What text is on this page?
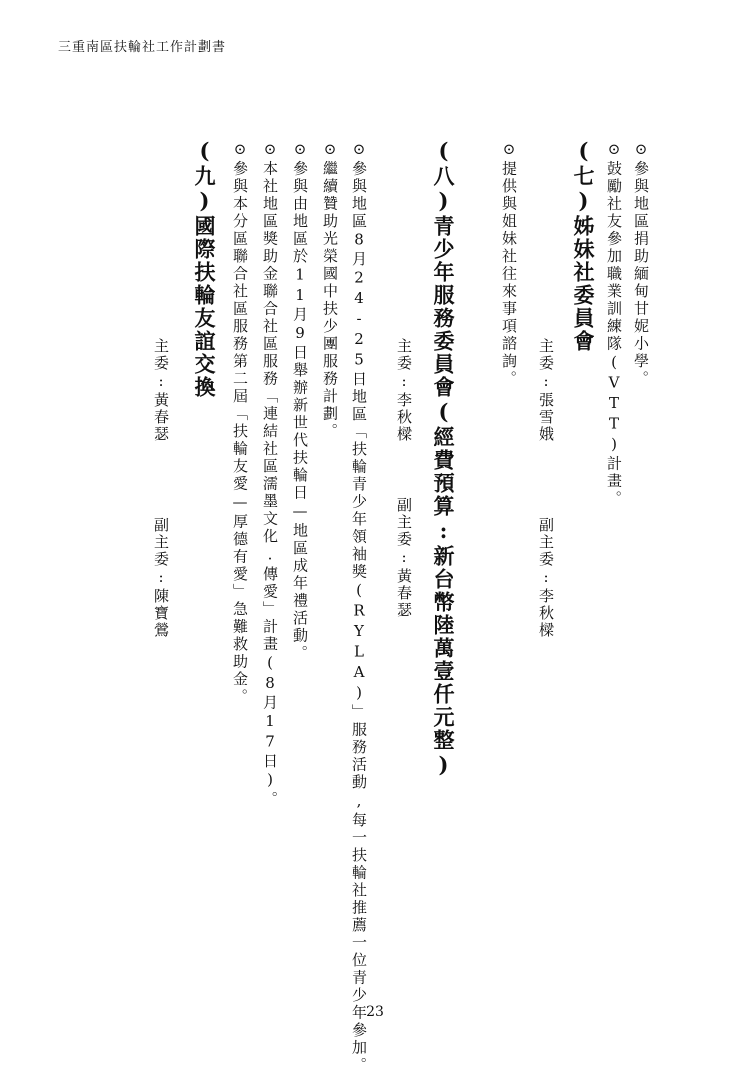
三重南區扶輪社工作計劃書
⊙參與地區捐助緬甸甘妮小學。
⊙鼓勵社友參加職業訓練隊(VTT)計畫。
(七)姊妹社委員會
主委:張雪娥
副主委:李秋樑
⊙提供與姐妹社往來事項諮詢。
(八)青少年服務委員會(經費預算:新台幣陸萬壹仟元整)
主委:李秋樑
副主委:黃春瑟
⊙參與地區8月24-25日地區「扶輪青少年領袖獎(RYLA)」服務活動,每一扶輪社推薦一位青少年參加。
⊙繼續贊助光榮國中扶少團服務計劃。
⊙參與由地區於11月9日舉辦新世代扶輪日—地區成年禮活動。
⊙本社地區獎助金聯合社區服務「連結社區濡墨文化.傳愛」計畫(8月17日)。
⊙參與本分區聯合社區服務第二屆「扶輪友愛—厚德有愛」急難救助金。
(九)國際扶輪友誼交換
主委:黃春瑟
副主委:陳寶鶯
23
